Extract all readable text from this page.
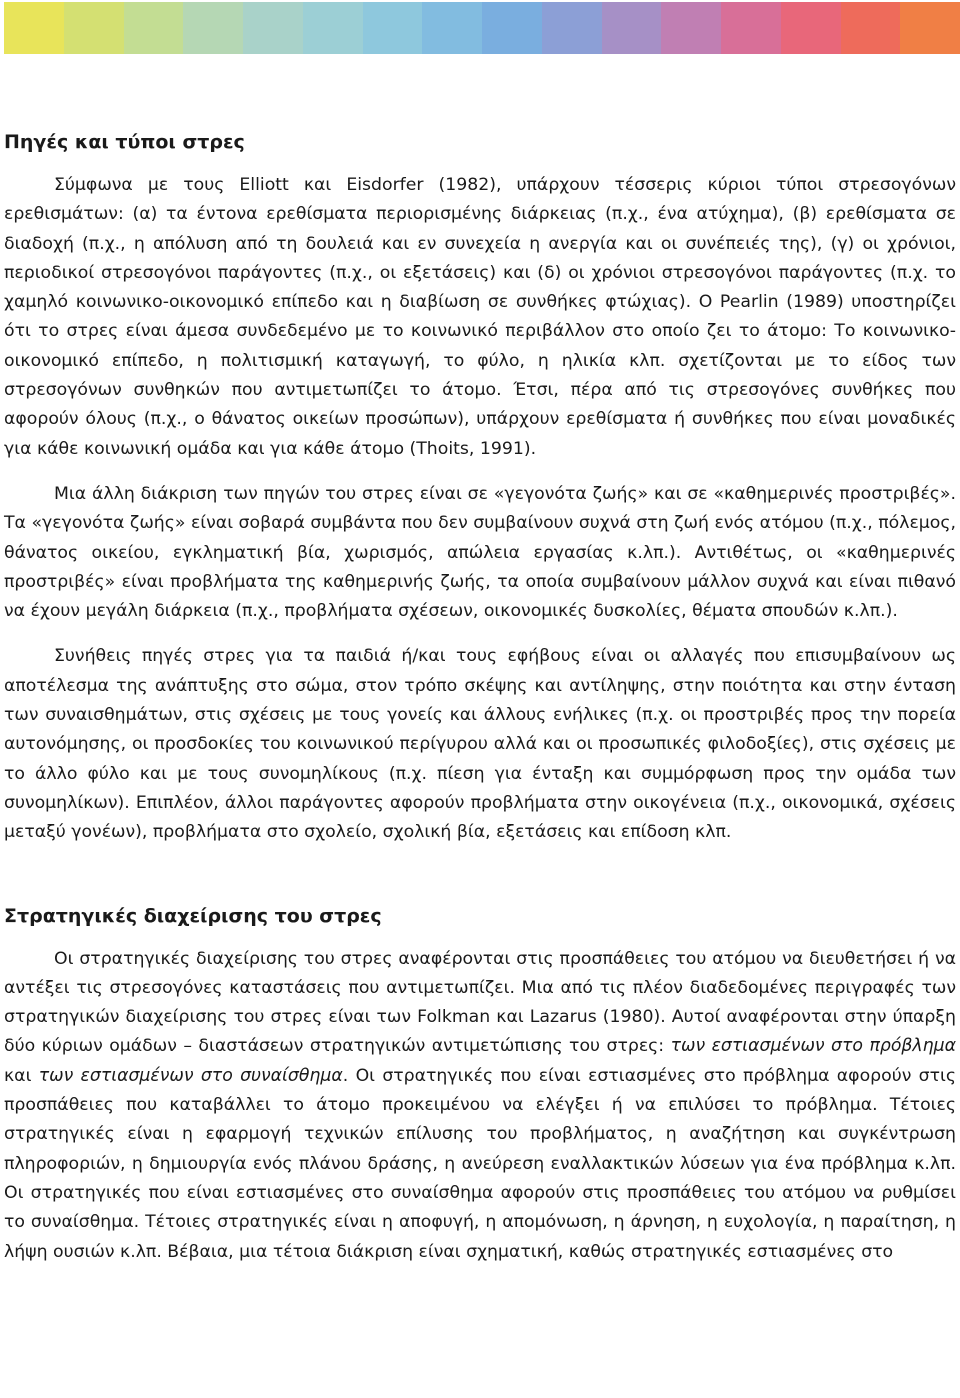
Πηγές και τύποι στρες

Σύμφωνα με τους Elliott και Eisdorfer (1982), υπάρχουν τέσσερις κύριοι τύποι στρεσογόνων ερεθισμάτων: (α) τα έντονα ερεθίσματα περιορισμένης διάρκειας (π.χ., ένα ατύχημα), (β) ερεθίσματα σε διαδοχή (π.χ., η απόλυση από τη δουλειά και εν συνεχεία η ανεργία και οι συνέπειές της), (γ) οι χρόνιοι, περιοδικοί στρεσογόνοι παράγοντες (π.χ., οι εξετάσεις) και (δ) οι χρόνιοι στρεσογόνοι παράγοντες (π.χ. το χαμηλό κοινωνικο-οικονομικό επίπεδο και η διαβίωση σε συνθήκες φτώχιας). Ο Pearlin (1989) υποστηρίζει ότι το στρες είναι άμεσα συνδεδεμένο με το κοινωνικό περιβάλλον στο οποίο ζει το άτομο: Το κοινωνικο-οικονομικό επίπεδο, η πολιτισμική καταγωγή, το φύλο, η ηλικία κλπ. σχετίζονται με το είδος των στρεσογόνων συνθηκών που αντιμετωπίζει το άτομο. Έτσι, πέρα από τις στρεσογόνες συνθήκες που αφορούν όλους (π.χ., ο θάνατος οικείων προσώπων), υπάρχουν ερεθίσματα ή συνθήκες που είναι μοναδικές για κάθε κοινωνική ομάδα και για κάθε άτομο (Thoits, 1991).

Μια άλλη διάκριση των πηγών του στρες είναι σε «γεγονότα ζωής» και σε «καθημερινές προστριβές». Τα «γεγονότα ζωής» είναι σοβαρά συμβάντα που δεν συμβαίνουν συχνά στη ζωή ενός ατόμου (π.χ., πόλεμος, θάνατος οικείου, εγκληματική βία, χωρισμός, απώλεια εργασίας κ.λπ.). Αντιθέτως, οι «καθημερινές προστριβές» είναι προβλήματα της καθημερινής ζωής, τα οποία συμβαίνουν μάλλον συχνά και είναι πιθανό να έχουν μεγάλη διάρκεια (π.χ., προβλήματα σχέσεων, οικονομικές δυσκολίες, θέματα σπουδών κ.λπ.).

Συνήθεις πηγές στρες για τα παιδιά ή/και τους εφήβους είναι οι αλλαγές που επισυμβαίνουν ως αποτέλεσμα της ανάπτυξης στο σώμα, στον τρόπο σκέψης και αντίληψης, στην ποιότητα και στην ένταση των συναισθημάτων, στις σχέσεις με τους γονείς και άλλους ενήλικες (π.χ. οι προστριβές προς την πορεία αυτονόμησης, οι προσδοκίες του κοινωνικού περίγυρου αλλά και οι προσωπικές φιλοδοξίες), στις σχέσεις με το άλλο φύλο και με τους συνομηλίκους (π.χ. πίεση για ένταξη και συμμόρφωση προς την ομάδα των συνομηλίκων). Επιπλέον, άλλοι παράγοντες αφορούν προβλήματα στην οικογένεια (π.χ., οικονομικά, σχέσεις μεταξύ γονέων), προβλήματα στο σχολείο, σχολική βία, εξετάσεις και επίδοση κλπ.

Στρατηγικές διαχείρισης του στρες

Οι στρατηγικές διαχείρισης του στρες αναφέρονται στις προσπάθειες του ατόμου να διευθετήσει ή να αντέξει τις στρεσογόνες καταστάσεις που αντιμετωπίζει. Μια από τις πλέον διαδεδομένες περιγραφές των στρατηγικών διαχείρισης του στρες είναι των Folkman και Lazarus (1980). Αυτοί αναφέρονται στην ύπαρξη δύο κύριων ομάδων – διαστάσεων στρατηγικών αντιμετώπισης του στρες: των εστιασμένων στο πρόβλημα και των εστιασμένων στο συναίσθημα. Οι στρατηγικές που είναι εστιασμένες στο πρόβλημα αφορούν στις προσπάθειες που καταβάλλει το άτομο προκειμένου να ελέγξει ή να επιλύσει το πρόβλημα. Τέτοιες στρατηγικές είναι η εφαρμογή τεχνικών επίλυσης του προβλήματος, η αναζήτηση και συγκέντρωση πληροφοριών, η δημιουργία ενός πλάνου δράσης, η ανεύρεση εναλλακτικών λύσεων για ένα πρόβλημα κ.λπ. Οι στρατηγικές που είναι εστιασμένες στο συναίσθημα αφορούν στις προσπάθειες του ατόμου να ρυθμίσει το συναίσθημα. Τέτοιες στρατηγικές είναι η αποφυγή, η απομόνωση, η άρνηση, η ευχολογία, η παραίτηση, η λήψη ουσιών κ.λπ. Βέβαια, μια τέτοια διάκριση είναι σχηματική, καθώς στρατηγικές εστιασμένες στο
